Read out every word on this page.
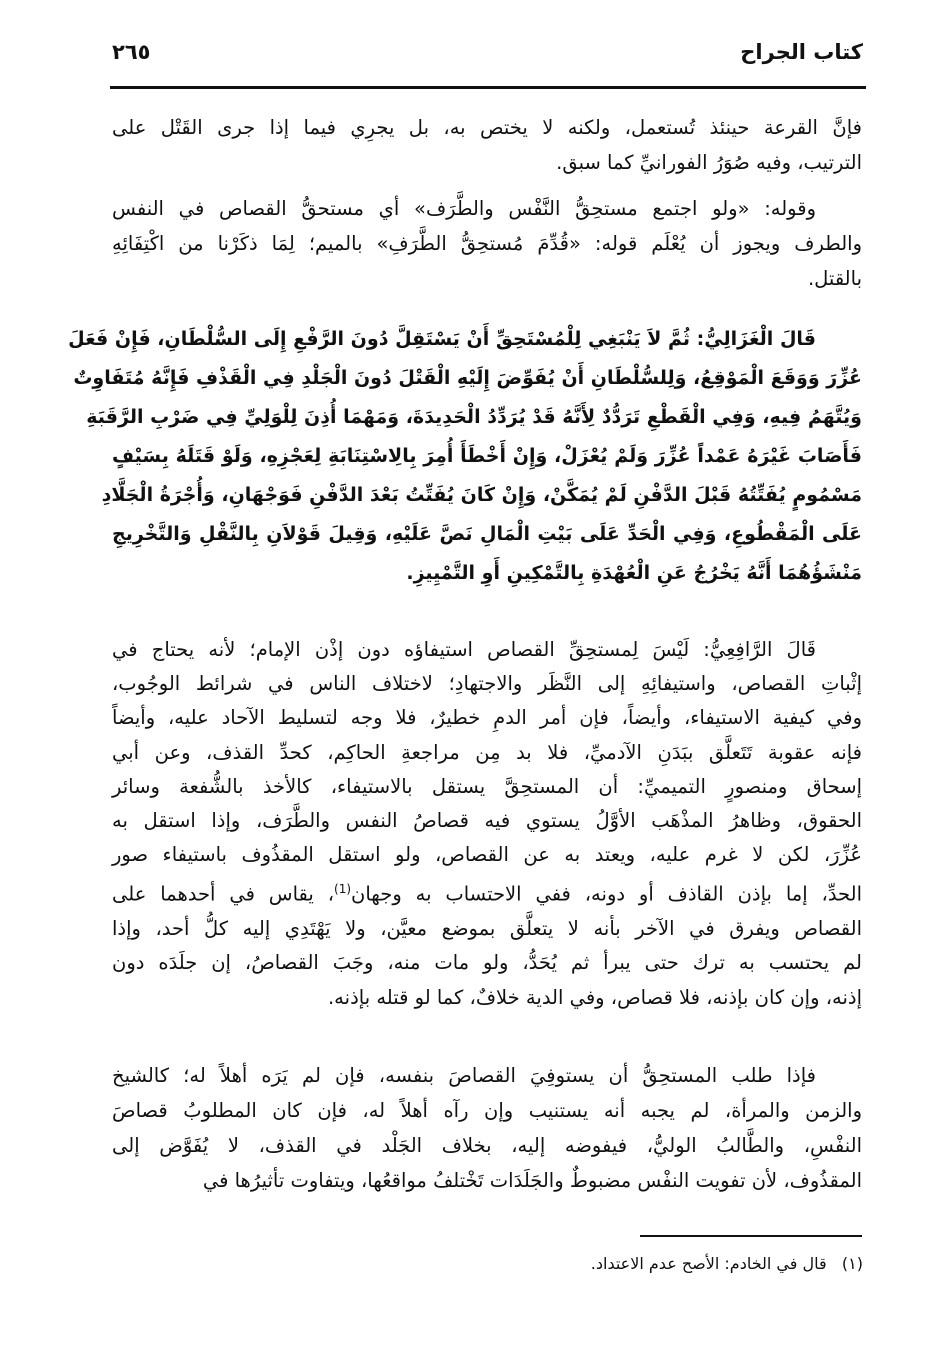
كتاب الجراح
٢٦٥
فإنَّ القرعة حينئذ تُستعمل، ولكنه لا يختص به، بل يجرِي فيما إذا جرى القَتْل على
الترتيب، وفيه صُوَرُ الفورانيِّ كما سبق.
وقوله: «ولو اجتمع مستحِقُّ النَّفْس والطَّرَف» أي مستحقُّ القصاص في النفس
والطرف ويجوز أن يُعْلَم قوله: «قُدِّمَ مُستحِقُّ الطَّرَفِ» بالميم؛ لِمَا ذكَرْنا من اكْتِفَائِهِ
بالقتل.
قَالَ الْغَزَالِيُّ: ثُمَّ لاَ يَنْبَغِي لِلْمُسْتَحِقِّ أَنْ يَسْتَقِلَّ دُونَ الرَّفْعِ إِلَى السُّلْطَانِ، فَإِنْ فَعَلَ
عُزِّرَ وَوَقَعَ الْمَوْقِعُ، وَلِلسُّلْطَانِ أَنْ يُفَوِّضَ إِلَيْهِ الْقَتْلَ دُونَ الْجَلْدِ فِي الْقَذْفِ فَإِنَّهُ مُتَفَاوِتٌ
وَيُتَّهَمُ فِيهِ، وَفِي الْقَطْعِ تَرَدُّدٌ لِأَنَّهُ قَدْ يُرَدِّدُ الْحَدِيدَةَ، وَمَهْمَا أُذِنَ لِلْوَلِيِّ فِي ضَرْبِ الرَّقَبَةِ
فَأَصَابَ غَيْرَهُ عَمْداً عُزِّرَ وَلَمْ يُعْزَلْ، وَإِنْ أَخْطَأَ أُمِرَ بِالِاسْتِنَابَةِ لِعَجْزِهِ، وَلَوْ قَتَلَهُ بِسَيْفٍ
مَسْمُومٍ يُفَتِّتُهُ قَبْلَ الدَّفْنِ لَمْ يُمَكَّنْ، وَإِنْ كَانَ يُفَتِّتُ بَعْدَ الدَّفْنِ فَوَجْهَانِ، وَأُجْرَةُ الْجَلَّادِ
عَلَى الْمَقْطُوعِ، وَفِي الْحَدِّ عَلَى بَيْتِ الْمَالِ نَصَّ عَلَيْهِ، وَقِيلَ قَوْلاَنِ بِالنَّقْلِ وَالتَّخْرِيجِ
مَنْشَؤُهُمَا أَنَّهُ يَخْرُجُ عَنِ الْعُهْدَةِ بِالتَّمْكِينِ أَوِ التَّمْيِيزِ.
قَالَ الرَّافِعِيُّ: لَيْسَ لِمستحِقِّ القصاص استيفاؤه دون إذْن الإمام؛ لأنه يحتاج في
إثْباتِ القصاص، واستيفائِهِ إلى النَّظَر والاجتهادِ؛ لاختلاف الناس في شرائط الوجُوب،
وفي كيفية الاستيفاء، وأيضاً، فإن أمر الدمِ خطيرٌ، فلا وجه لتسليط الآحاد عليه، وأيضاً
فإنه عقوبة تَتَعلَّق ببَدَنِ الآدميِّ، فلا بد مِن مراجعةِ الحاكِم، كحدِّ القذف، وعن أبي
إسحاق ومنصورٍ التميميِّ: أن المستحِقَّ يستقل بالاستيفاء، كالأخذ بالشُّفعة وسائر
الحقوق، وظاهرُ المذْهَب الأوَّلُ يستوي فيه قصاصُ النفس والطَّرَف، وإذا استقل به
عُزِّرَ، لكن لا غرم عليه، ويعتد به عن القصاص، ولو استقل المقذُوف باستيفاء صور
الحدِّ، إما بإذن القاذف أو دونه، ففي الاحتساب به وجهان$^{(1)}$، يقاس في أحدهما على
القصاص ويفرق في الآخر بأنه لا يتعلَّق بموضع معيَّن، ولا يَهْتَدِي إليه كلُّ أحد، وإذا
لم يحتسب به ترك حتى يبرأ ثم يُحَدُّ، ولو مات منه، وجَبَ القصاصُ، إن جلَدَه دون
إذنه، وإن كان بإذنه، فلا قصاص، وفي الدية خلافٌ، كما لو قتله بإذنه.
فإذا طلب المستحِقُّ أن يستوفِيَ القصاصَ بنفسه، فإن لم يَرَه أهلاً له؛ كالشيخ
والزمن والمرأة، لم يجبه أنه يستنيب وإن رآه أهلاً له، فإن كان المطلوبُ قصاصَ
النفْسِ، والطَّالبُ الوليُّ، فيفوضه إليه، بخلاف الجَلْد في القذف، لا يُفَوَّض إلى
المقذُوف، لأن تفويت النفْس مضبوطٌ والجَلَدَات تَخْتلفُ مواقعُها، ويتفاوت تأثيرُها في
(١)   قال في الخادم: الأصح عدم الاعتداد.
